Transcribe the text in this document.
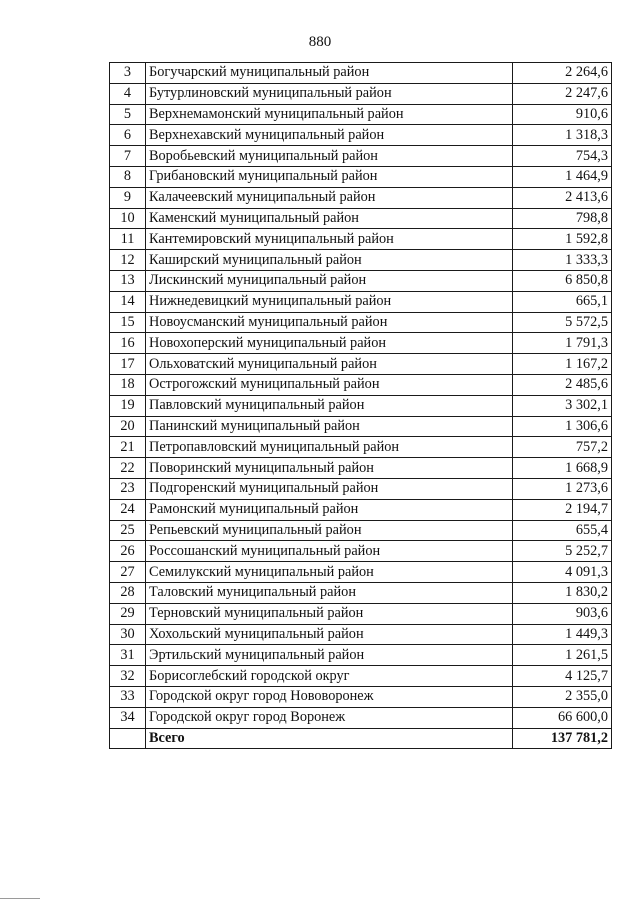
880
3	Богучарский муниципальный район	2 264,6
4	Бутурлиновский муниципальный район	2 247,6
5	Верхнемамонский муниципальный район	910,6
6	Верхнехавский муниципальный район	1 318,3
7	Воробьевский муниципальный район	754,3
8	Грибановский муниципальный район	1 464,9
9	Калачеевский муниципальный район	2 413,6
10	Каменский муниципальный район	798,8
11	Кантемировский муниципальный район	1 592,8
12	Каширский муниципальный район	1 333,3
13	Лискинский муниципальный район	6 850,8
14	Нижнедевицкий муниципальный район	665,1
15	Новоусманский муниципальный район	5 572,5
16	Новохоперский муниципальный район	1 791,3
17	Ольховатский муниципальный район	1 167,2
18	Острогожский муниципальный район	2 485,6
19	Павловский муниципальный район	3 302,1
20	Панинский муниципальный район	1 306,6
21	Петропавловский муниципальный район	757,2
22	Поворинский муниципальный район	1 668,9
23	Подгоренский муниципальный район	1 273,6
24	Рамонский муниципальный район	2 194,7
25	Репьевский муниципальный район	655,4
26	Россошанский муниципальный район	5 252,7
27	Семилукский муниципальный район	4 091,3
28	Таловский муниципальный район	1 830,2
29	Терновский муниципальный район	903,6
30	Хохольский муниципальный район	1 449,3
31	Эртильский муниципальный район	1 261,5
32	Борисоглебский городской округ	4 125,7
33	Городской округ город Нововоронеж	2 355,0
34	Городской округ город Воронеж	66 600,0
	Всего	137 781,2
